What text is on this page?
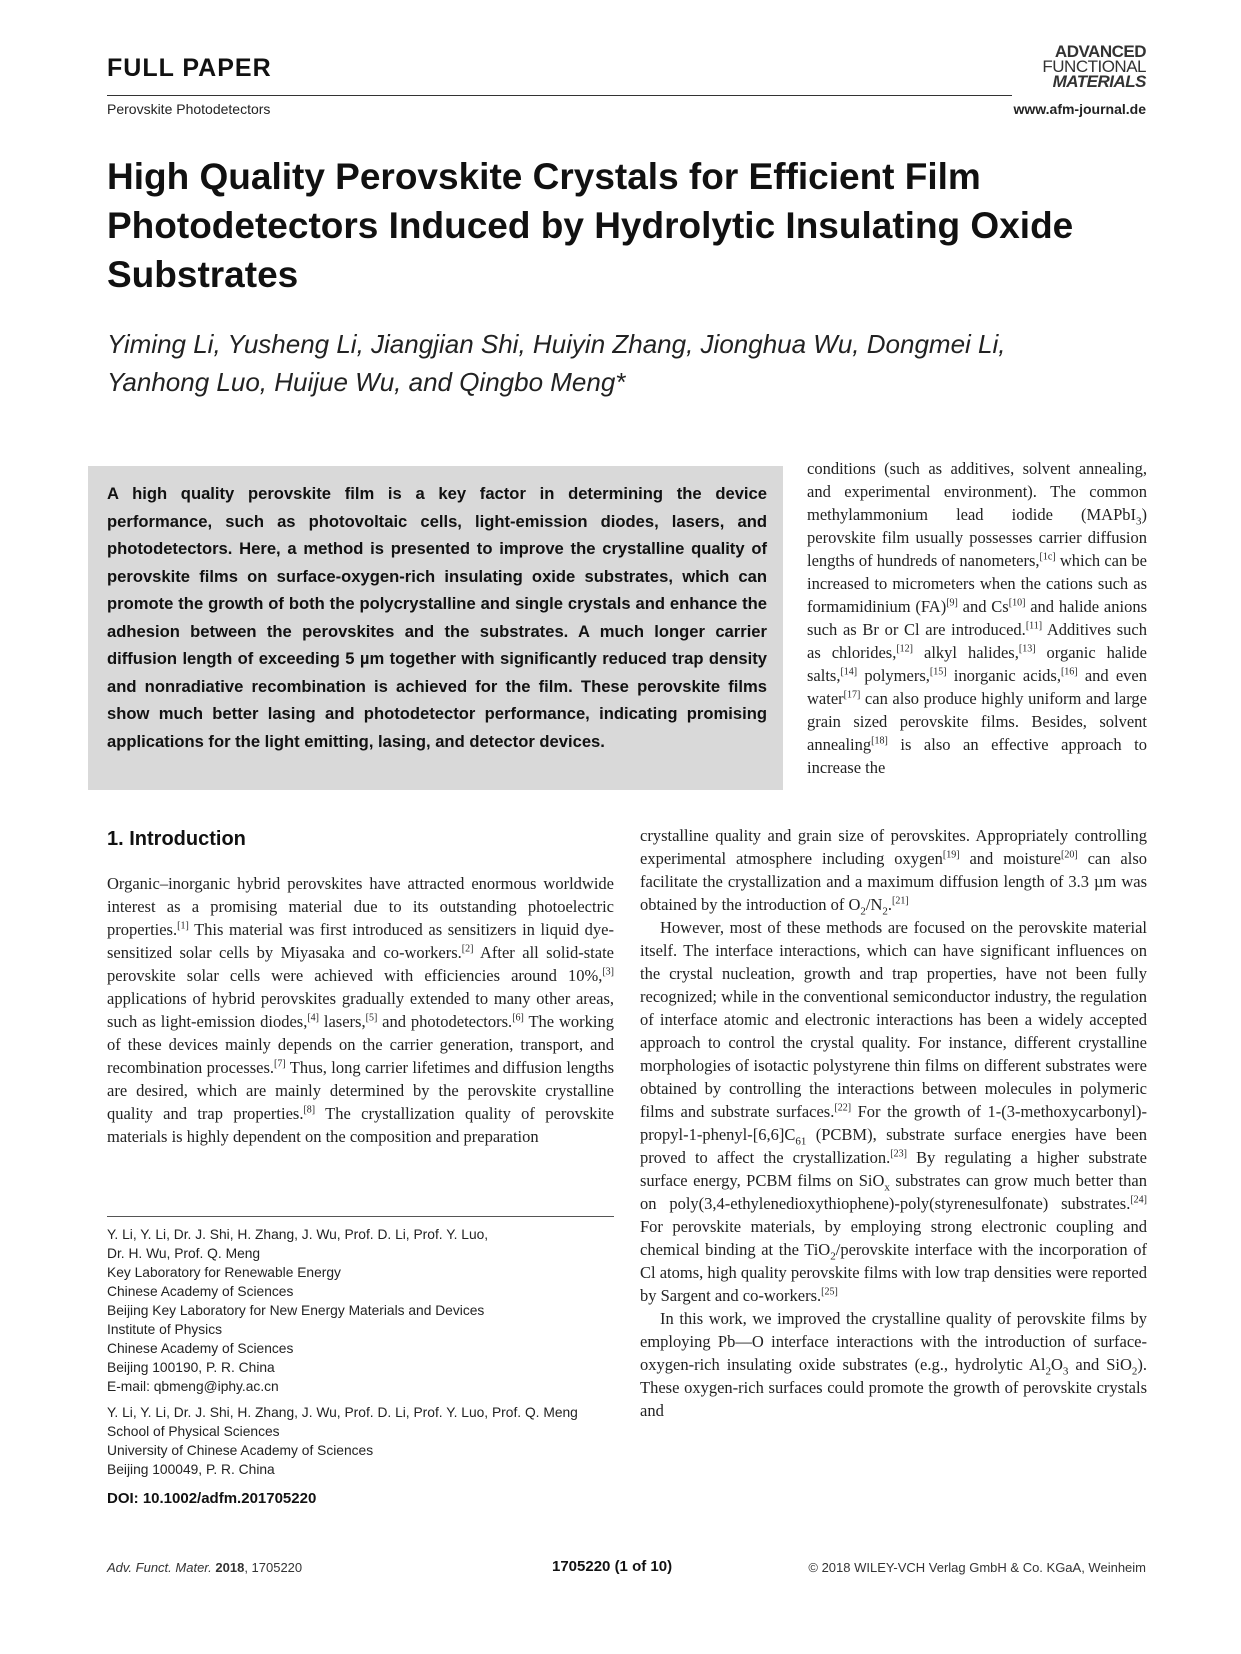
FULL PAPER
Perovskite Photodetectors
ADVANCED
FUNCTIONAL
MATERIALS
www.afm-journal.de
High Quality Perovskite Crystals for Efficient Film Photodetectors Induced by Hydrolytic Insulating Oxide Substrates
Yiming Li, Yusheng Li, Jiangjian Shi, Huiyin Zhang, Jionghua Wu, Dongmei Li,
Yanhong Luo, Huijue Wu, and Qingbo Meng*
A high quality perovskite film is a key factor in determining the device performance, such as photovoltaic cells, light-emission diodes, lasers, and photodetectors. Here, a method is presented to improve the crystalline quality of perovskite films on surface-oxygen-rich insulating oxide substrates, which can promote the growth of both the polycrystalline and single crystals and enhance the adhesion between the perovskites and the substrates. A much longer carrier diffusion length of exceeding 5 µm together with significantly reduced trap density and nonradiative recombination is achieved for the film. These perovskite films show much better lasing and photodetector performance, indicating promising applications for the light emitting, lasing, and detector devices.

conditions (such as additives, solvent annealing, and experimental environment). The common methylammonium lead iodide (MAPbI$_3$) perovskite film usually possesses carrier diffusion lengths of hundreds of nanometers,[1c] which can be increased to micrometers when the cations such as formamidinium (FA)[9] and Cs[10] and halide anions such as Br or Cl are introduced.[11] Additives such as chlorides,[12] alkyl halides,[13] organic halide salts,[14] polymers,[15] inorganic acids,[16] and even water[17] can also produce highly uniform and large grain sized perovskite films. Besides, solvent annealing[18] is also an effective approach to increase the

1. Introduction

Organic–inorganic hybrid perovskites have attracted enormous worldwide interest as a promising material due to its outstanding photoelectric properties.[1] This material was first introduced as sensitizers in liquid dye-sensitized solar cells by Miyasaka and co-workers.[2] After all solid-state perovskite solar cells were achieved with efficiencies around 10%,[3] applications of hybrid perovskites gradually extended to many other areas, such as light-emission diodes,[4] lasers,[5] and photodetectors.[6] The working of these devices mainly depends on the carrier generation, transport, and recombination processes.[7] Thus, long carrier lifetimes and diffusion lengths are desired, which are mainly determined by the perovskite crystalline quality and trap properties.[8] The crystallization quality of perovskite materials is highly dependent on the composition and preparation

crystalline quality and grain size of perovskites. Appropriately controlling experimental atmosphere including oxygen[19] and moisture[20] can also facilitate the crystallization and a maximum diffusion length of 3.3 µm was obtained by the introduction of $O_2/N_2.[21]$

However, most of these methods are focused on the perovskite material itself. The interface interactions, which can have significant influences on the crystal nucleation, growth and trap properties, have not been fully recognized; while in the conventional semiconductor industry, the regulation of interface atomic and electronic interactions has been a widely accepted approach to control the crystal quality. For instance, different crystalline morphologies of isotactic polystyrene thin films on different substrates were obtained by controlling the interactions between molecules in polymeric films and substrate surfaces.[22] For the growth of $1-(3-methoxycarbonyl)-propyl-1-phenyl-[6,6]C_{61}$ (PCBM), substrate surface energies have been proved to affect the crystallization.[23] By regulating a higher substrate surface energy, PCBM films on SiO$_x$ substrates can grow much better than on poly(3,4-ethylenedioxythiophene)-poly(styrenesulfonate) substrates.[24] For perovskite materials, by employing strong electronic coupling and chemical binding at the TiO$_2$/perovskite interface with the incorporation of Cl atoms, high quality perovskite films with low trap densities were reported by Sargent and co-workers.[25]

In this work, we improved the crystalline quality of perovskite films by employing Pb—O interface interactions with the introduction of surface-oxygen-rich insulating oxide substrates (e.g., hydrolytic $Al_2O_3$ and SiO$_2$). These oxygen-rich surfaces could promote the growth of perovskite crystals and

Y. Li, Y. Li, Dr. J. Shi, H. Zhang, J. Wu, Prof. D. Li, Prof. Y. Luo,
Dr. H. Wu, Prof. Q. Meng
Key Laboratory for Renewable Energy
Chinese Academy of Sciences
Beijing Key Laboratory for New Energy Materials and Devices
Institute of Physics
Chinese Academy of Sciences
Beijing 100190, P. R. China
E-mail: qbmeng@iphy.ac.cn
Y. Li, Y. Li, Dr. J. Shi, H. Zhang, J. Wu, Prof. D. Li, Prof. Y. Luo, Prof. Q. Meng
School of Physical Sciences
University of Chinese Academy of Sciences
Beijing 100049, P. R. China
DOI: 10.1002/adfm.201705220
Adv. Funct. Mater. 2018, 1705220	1705220 (1 of 10)	© 2018 WILEY-VCH Verlag GmbH & Co. KGaA, Weinheim
